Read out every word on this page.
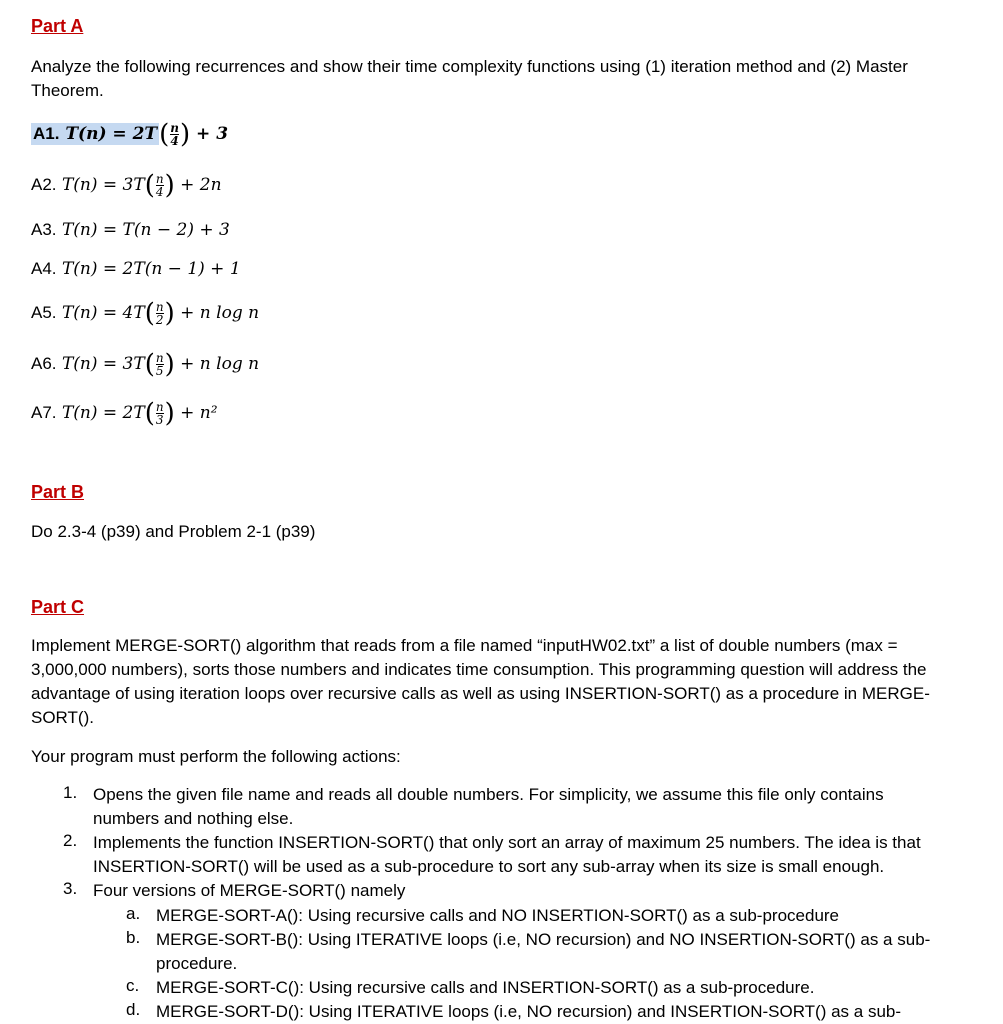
Part A

Analyze the following recurrences and show their time complexity functions using (1) iteration method and (2) Master Theorem.

A1. $T(n) = 2T( \frac{n}{4}$ ) + 3
A2. $T(n) = 3T( \frac{n}{4}$ ) + 2n
A3. T(n) = T(n − 2) + 3
A4. T(n) = 2T(n − 1) + 1
A5. $T(n) = 4T( \frac{n}{2}$ ) + n log n
A6. $T(n) = 3T( \frac{n}{5}$ ) + n log n
A7. $T(n) = 2T( \frac{n}{3}$ ) + n²
Part B

Do 2.3-4 (p39) and Problem 2-1 (p39)

Part C

Implement MERGE-SORT() algorithm that reads from a file named “inputHW02.txt” a list of double numbers (max = 3,000,000 numbers), sorts those numbers and indicates time consumption. This programming question will address the advantage of using iteration loops over recursive calls as well as using INSERTION-SORT() as a procedure in MERGE-SORT().

Your program must perform the following actions:

1. Opens the given file name and reads all double numbers. For simplicity, we assume this file only contains numbers and nothing else.

2. Implements the function INSERTION-SORT() that only sort an array of maximum 25 numbers. The idea is that INSERTION-SORT() will be used as a sub-procedure to sort any sub-array when its size is small enough.

3. Four versions of MERGE-SORT() namely

a. MERGE-SORT-A(): Using recursive calls and NO INSERTION-SORT() as a sub-procedure

b. MERGE-SORT-B(): Using ITERATIVE loops (i.e, NO recursion) and NO INSERTION-SORT() as a sub-procedure.

c. MERGE-SORT-C(): Using recursive calls and INSERTION-SORT() as a sub-procedure.

d. MERGE-SORT-D(): Using ITERATIVE loops (i.e, NO recursion) and INSERTION-SORT() as a sub-
